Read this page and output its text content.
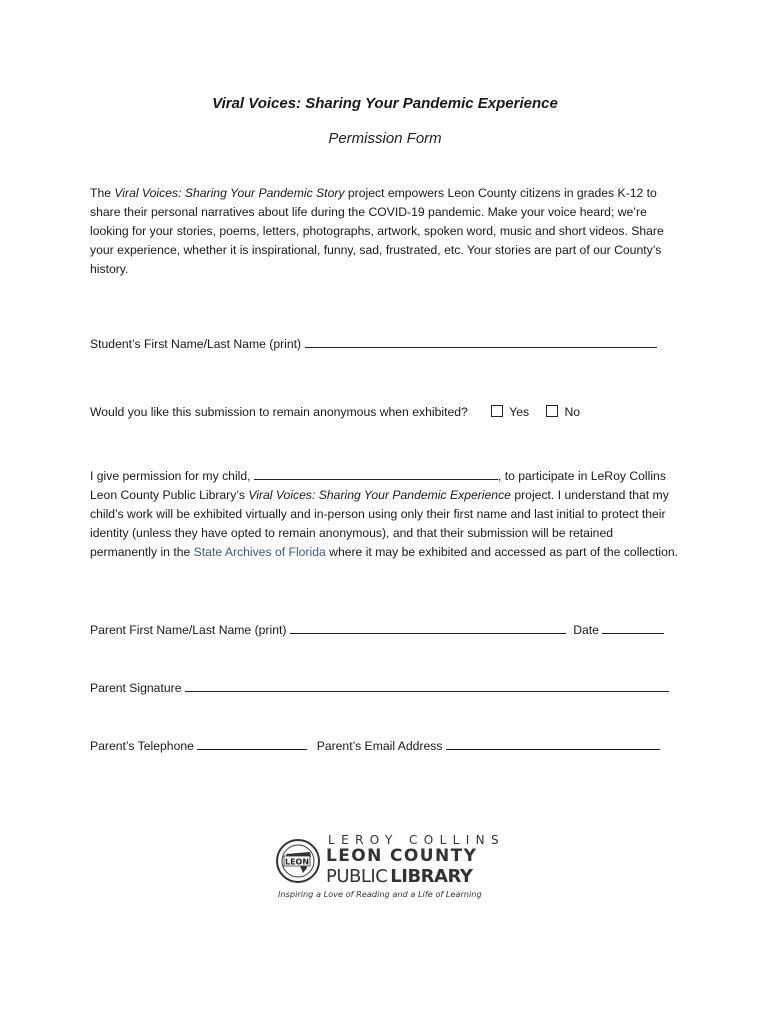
Viral Voices: Sharing Your Pandemic Experience
Permission Form

The Viral Voices: Sharing Your Pandemic Story project empowers Leon County citizens in grades K-12 to share their personal narratives about life during the COVID-19 pandemic. Make your voice heard; we’re looking for your stories, poems, letters, photographs, artwork, spoken word, music and short videos. Share your experience, whether it is inspirational, funny, sad, frustrated, etc. Your stories are part of our County’s history.

Student’s First Name/Last Name (print)
Would you like this submission to remain anonymous when exhibited?	Yes	No

I give permission for my child,	, to participate in LeRoy Collins Leon County Public Library’s Viral Voices: Sharing Your Pandemic Experience project. I understand that my child’s work will be exhibited virtually and in-person using only their first name and last initial to protect their identity (unless they have opted to remain anonymous), and that their submission will be retained permanently in the State Archives of Florida where it may be exhibited and accessed as part of the collection.

Parent First Name/Last Name (print)	Date
Parent Signature
Parent’s Telephone	Parent’s Email Address
LEON
LEROY COLLINS
LEON COUNTY
PUBLIC LIBRARY
Inspiring a Love of Reading and a Life of Learning
